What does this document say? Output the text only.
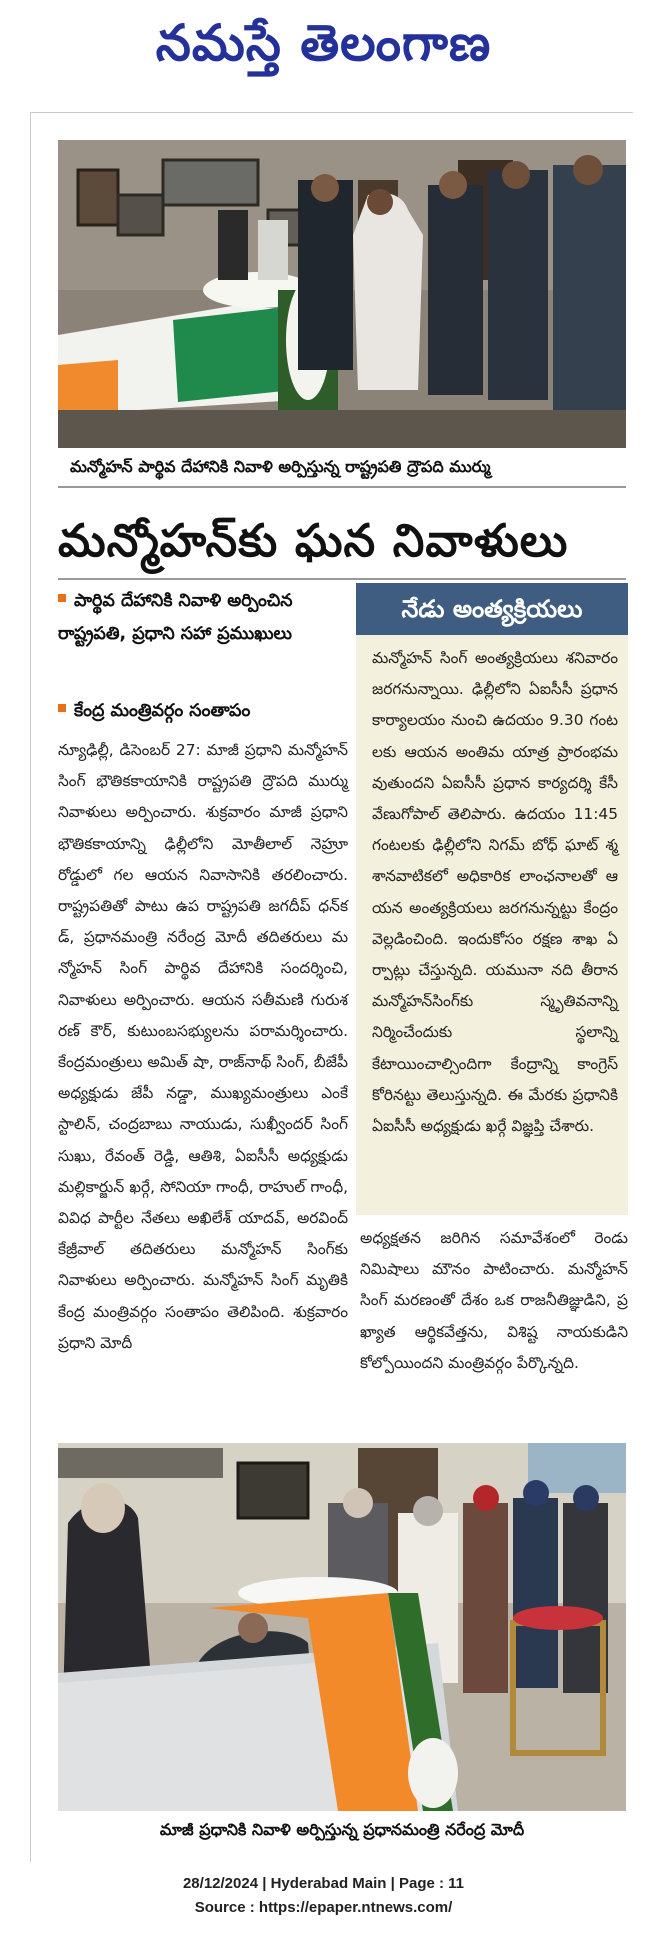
నమస్తే తెలంగాణ
మన్మోహన్ పార్థివ దేహానికి నివాళి అర్పిస్తున్న రాష్ట్రపతి ద్రౌపది ముర్ము
మన్మోహన్‌కు ఘన నివాళులు
పార్థివ దేహానికి నివాళి అర్పించిన రాష్ట్రపతి, ప్రధాని సహా ప్రముఖులు
కేంద్ర మంత్రివర్గం సంతాపం
న్యూఢిల్లీ, డిసెంబర్ 27: మాజీ ప్రధాని మన్మోహన్ సింగ్ భౌతికకాయానికి రాష్ట్రపతి ద్రౌపది ముర్ము నివాళులు అర్పించారు. శుక్రవారం మాజీ ప్రధాని భౌతికకాయాన్ని ఢిల్లీలోని మోతీలాల్ నెహ్రూ రోడ్డులో గల ఆయన నివాసానికి తరలించారు. రాష్ట్రపతితో పాటు ఉప రాష్ట్రపతి జగదీప్ ధన్‌కడ్, ప్రధానమంత్రి నరేంద్ర మోదీ తదితరులు మన్మోహన్ సింగ్ పార్థివ దేహానికి సందర్శించి, నివాళులు అర్పించారు. ఆయన సతీమణి గురుశరణ్ కౌర్, కుటుంబసభ్యులను పరామర్శించారు. కేంద్రమంత్రులు అమిత్ షా, రాజ్‌నాథ్ సింగ్, బీజేపీ అధ్యక్షుడు జేపీ నడ్డా, ముఖ్యమంత్రులు ఎంకే స్టాలిన్, చంద్రబాబు నాయుడు, సుఖ్వీందర్ సింగ్ సుఖు, రేవంత్ రెడ్డి, ఆతిశి, ఏఐసీసీ అధ్యక్షుడు మల్లికార్జున్ ఖర్గే, సోనియా గాంధీ, రాహుల్ గాంధీ, వివిధ పార్టీల నేతలు అఖిలేశ్ యాదవ్, అరవింద్ కేజ్రీవాల్ తదితరులు మన్మోహన్ సింగ్‌కు నివాళులు అర్పించారు. మన్మోహన్ సింగ్ మృతికి కేంద్ర మంత్రివర్గం సంతాపం తెలిపింది. శుక్రవారం ప్రధాని మోదీ
నేడు అంత్యక్రియలు
మన్మోహన్ సింగ్ అంత్యక్రియలు శనివారం జరగనున్నాయి. ఢిల్లీలోని ఏఐసీసీ ప్రధాన కార్యాలయం నుంచి ఉదయం 9.30 గంటలకు ఆయన అంతిమ యాత్ర ప్రారంభమవుతుందని ఏఐసీసీ ప్రధాన కార్యదర్శి కేసీ వేణుగోపాల్ తెలిపారు. ఉదయం 11:45 గంటలకు ఢిల్లీలోని నిగమ్ బోధ్ ఘాట్ శ్మశానవాటికలో అధికారిక లాంఛనాలతో ఆయన అంత్యక్రియలు జరగనున్నట్టు కేంద్రం వెల్లడించింది. ఇందుకోసం రక్షణ శాఖ ఏర్పాట్లు చేస్తున్నది. యమునా నది తీరాన మన్మోహన్‌సింగ్‌కు స్మృతివనాన్ని నిర్మించేందుకు స్థలాన్ని కేటాయించాల్సిందిగా కేంద్రాన్ని కాంగ్రెస్ కోరినట్టు తెలుస్తున్నది. ఈ మేరకు ప్రధానికి ఏఐసీసీ అధ్యక్షుడు ఖర్గే విజ్ఞప్తి చేశారు.
అధ్యక్షతన జరిగిన సమావేశంలో రెండు నిమిషాలు మౌనం పాటించారు. మన్మోహన్ సింగ్ మరణంతో దేశం ఒక రాజనీతిజ్ఞుడిని, ప్రఖ్యాత ఆర్థికవేత్తను, విశిష్ట నాయకుడిని కోల్పోయిందని మంత్రివర్గం పేర్కొన్నది.
మాజీ ప్రధానికి నివాళి అర్పిస్తున్న ప్రధానమంత్రి నరేంద్ర మోదీ
28/12/2024 | Hyderabad Main | Page : 11
Source : https://epaper.ntnews.com/
